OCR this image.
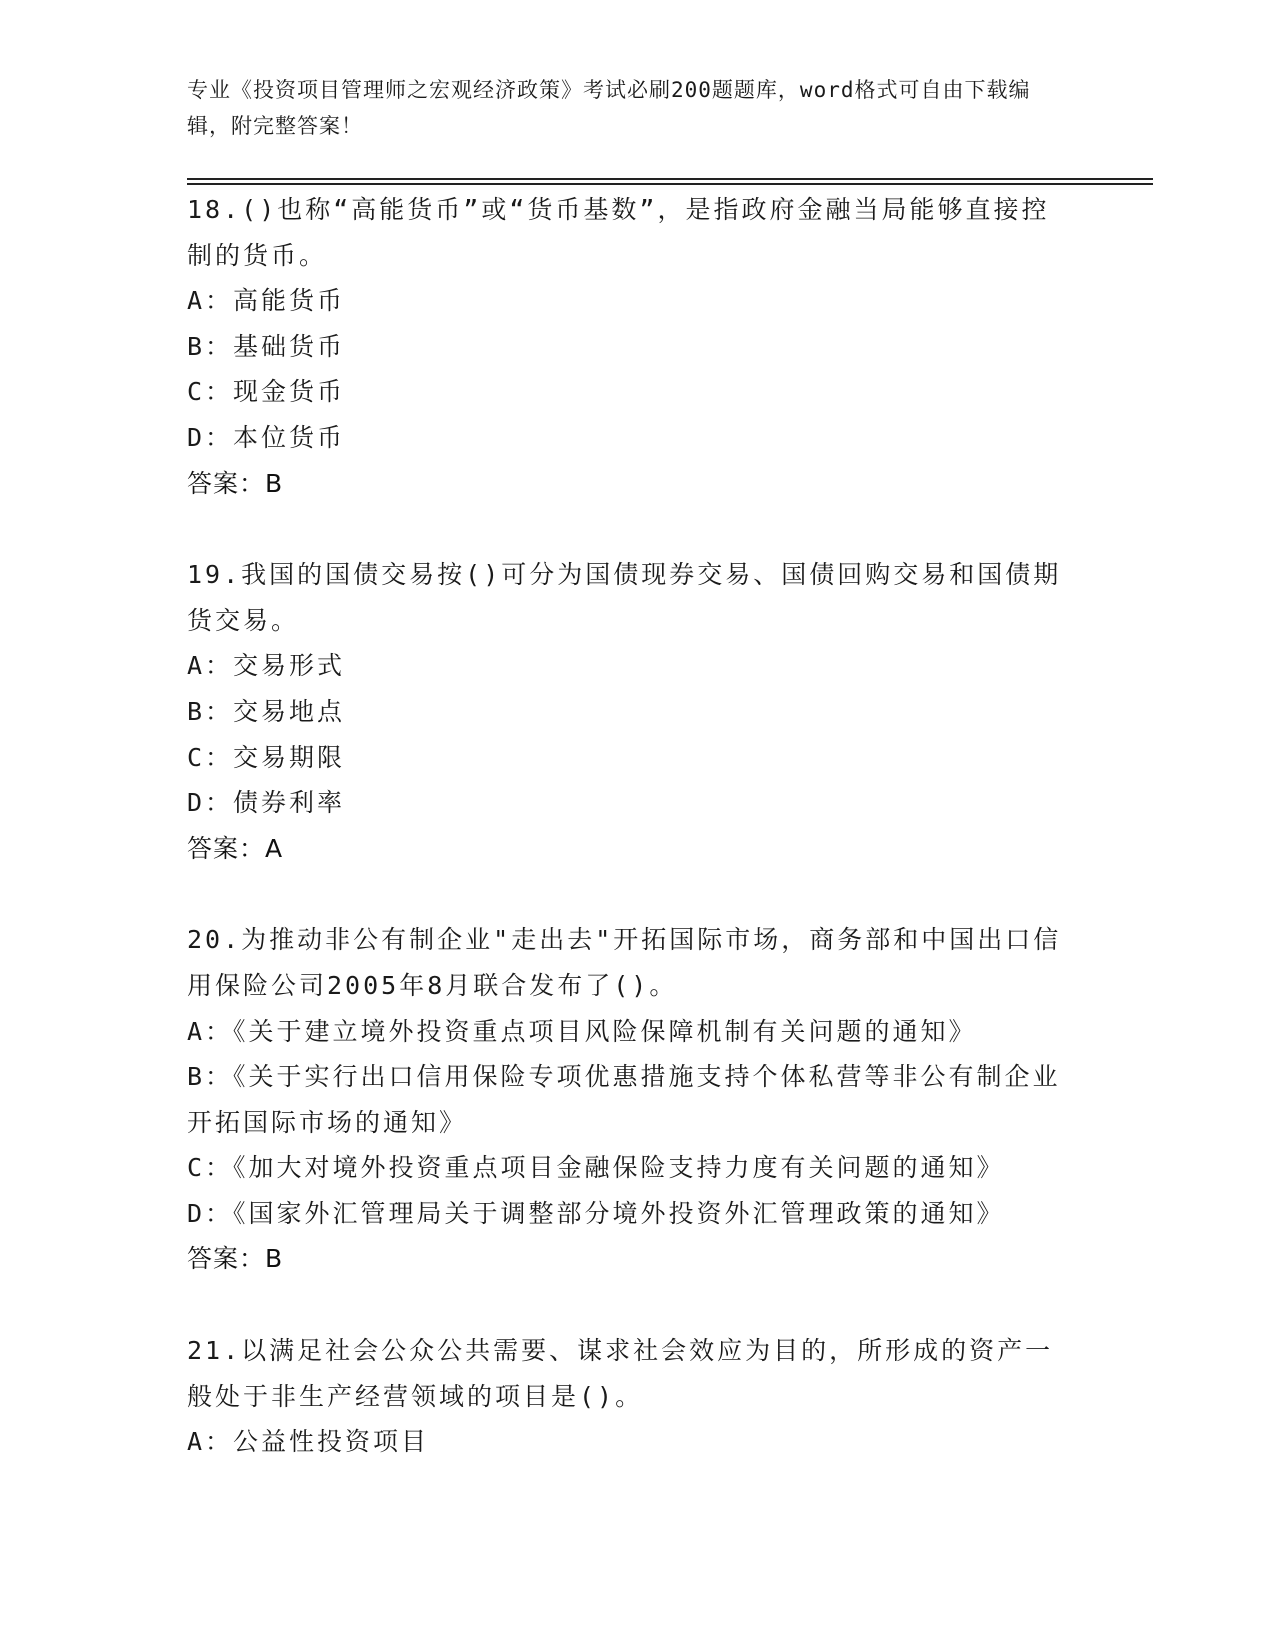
专业《投资项目管理师之宏观经济政策》考试必刷200题题库，word格式可自由下载编辑，附完整答案！
18.()也称“高能货币”或“货币基数”，是指政府金融当局能够直接控制的货币。
A：高能货币
B：基础货币
C：现金货币
D：本位货币
答案：B
19.我国的国债交易按()可分为国债现券交易、国债回购交易和国债期货交易。
A：交易形式
B：交易地点
C：交易期限
D：债券利率
答案：A
20.为推动非公有制企业"走出去"开拓国际市场，商务部和中国出口信用保险公司2005年8月联合发布了()。
A：《关于建立境外投资重点项目风险保障机制有关问题的通知》
B：《关于实行出口信用保险专项优惠措施支持个体私营等非公有制企业开拓国际市场的通知》
C：《加大对境外投资重点项目金融保险支持力度有关问题的通知》
D：《国家外汇管理局关于调整部分境外投资外汇管理政策的通知》
答案：B
21.以满足社会公众公共需要、谋求社会效应为目的，所形成的资产一般处于非生产经营领域的项目是()。
A：公益性投资项目
